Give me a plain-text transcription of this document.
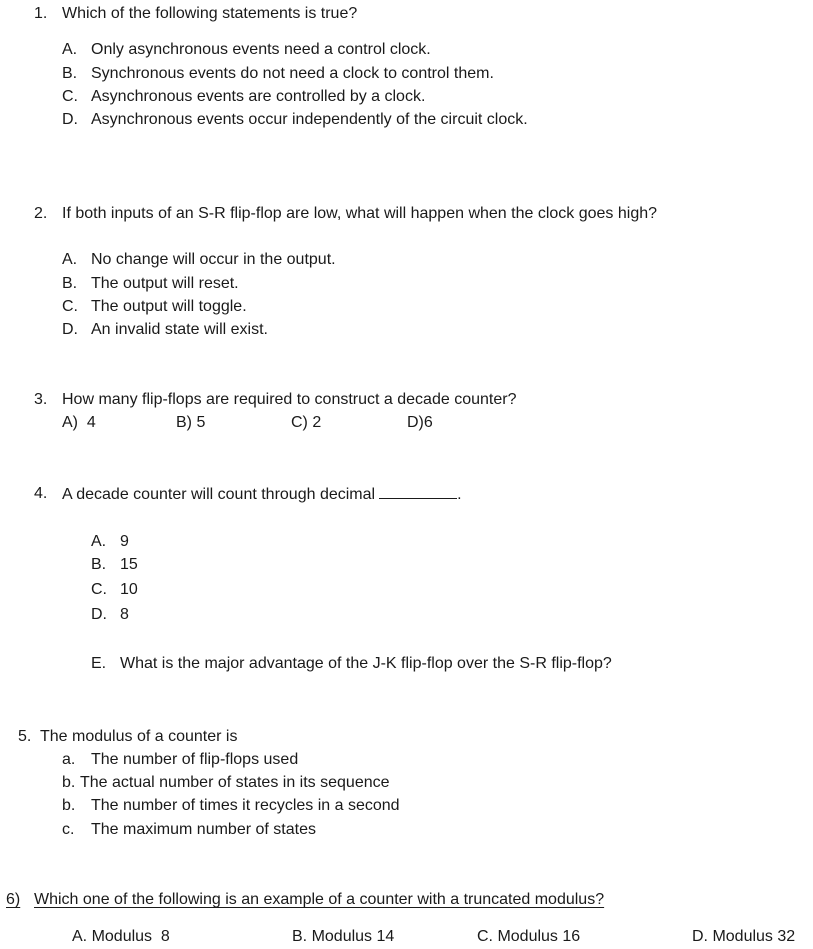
1. Which of the following statements is true?
A. Only asynchronous events need a control clock.
B. Synchronous events do not need a clock to control them.
C. Asynchronous events are controlled by a clock.
D. Asynchronous events occur independently of the circuit clock.
2. If both inputs of an S-R flip-flop are low, what will happen when the clock goes high?
A. No change will occur in the output.
B. The output will reset.
C. The output will toggle.
D. An invalid state will exist.
3. How many flip-flops are required to construct a decade counter?
A)  4	B) 5	C) 2	D)6
4. A decade counter will count through decimal	.
A. 9
B. 15
C. 10
D. 8
E. What is the major advantage of the J-K flip-flop over the S-R flip-flop?
5. The modulus of a counter is
a. The number of flip-flops used
b. The actual number of states in its sequence
b. The number of times it recycles in a second
c. The maximum number of states
6) Which one of the following is an example of a counter with a truncated modulus?
A. Modulus  8	B. Modulus 14	C. Modulus 16	D. Modulus 32
